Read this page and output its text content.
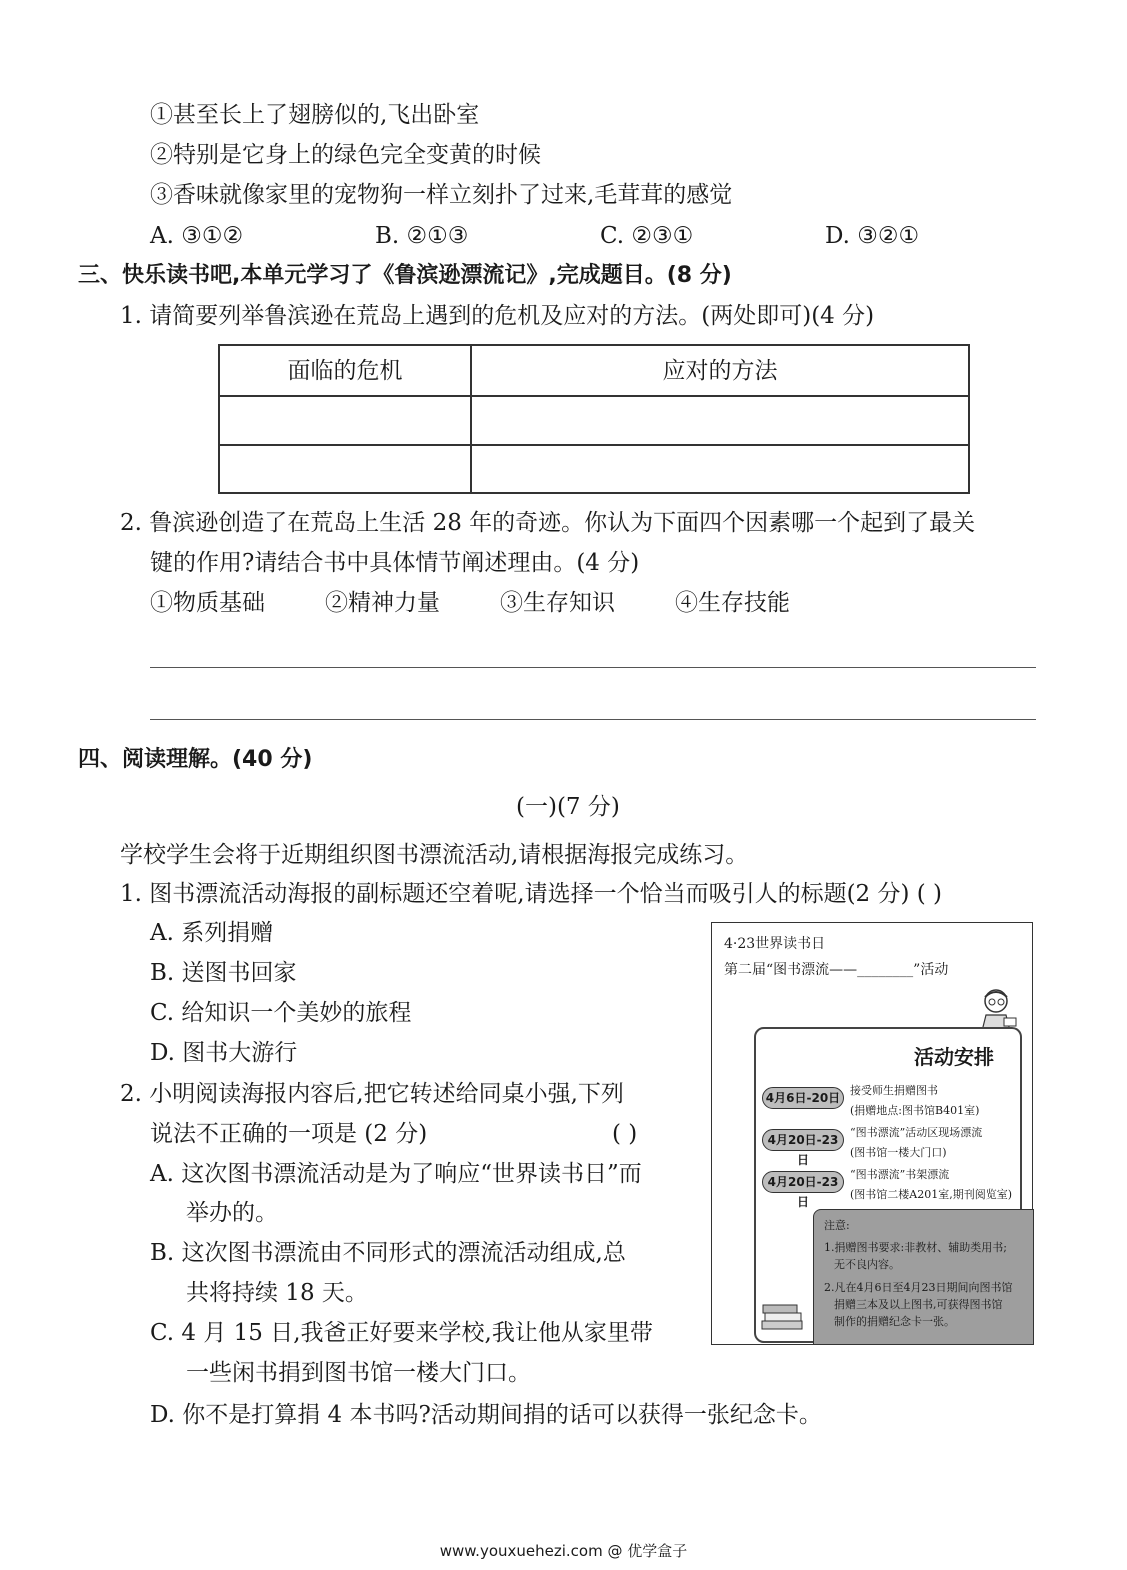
①甚至长上了翅膀似的,飞出卧室
②特别是它身上的绿色完全变黄的时候
③香味就像家里的宠物狗一样立刻扑了过来,毛茸茸的感觉
A. ③①②	B. ②①③	C. ②③①	D. ③②①
三、快乐读书吧,本单元学习了《鲁滨逊漂流记》,完成题目。(8 分)
1. 请简要列举鲁滨逊在荒岛上遇到的危机及应对的方法。(两处即可)(4 分)
面临的危机	应对的方法
2. 鲁滨逊创造了在荒岛上生活 28 年的奇迹。你认为下面四个因素哪一个起到了最关
键的作用?请结合书中具体情节阐述理由。(4 分)
①物质基础	②精神力量	③生存知识	④生存技能
四、阅读理解。(40 分)
(一)(7 分)
学校学生会将于近期组织图书漂流活动,请根据海报完成练习。
1. 图书漂流活动海报的副标题还空着呢,请选择一个恰当而吸引人的标题(2 分) ( )
A. 系列捐赠
B. 送图书回家
C. 给知识一个美妙的旅程
D. 图书大游行
2. 小明阅读海报内容后,把它转述给同桌小强,下列
说法不正确的一项是 (2 分)	( )
A. 这次图书漂流活动是为了响应“世界读书日”而
举办的。
B. 这次图书漂流由不同形式的漂流活动组成,总
共将持续 18 天。
C. 4 月 15 日,我爸正好要来学校,我让他从家里带
一些闲书捐到图书馆一楼大门口。
D. 你不是打算捐 4 本书吗?活动期间捐的话可以获得一张纪念卡。
4·23世界读书日
第二届“图书漂流——________”活动
活动安排
4月6日-20日
接受师生捐赠图书
(捐赠地点:图书馆B401室)
4月20日-23日
“图书漂流”活动区现场漂流
(图书馆一楼大门口)
4月20日-23日
“图书漂流”书架漂流
(图书馆二楼A201室,期刊阅览室)
注意:
1.捐赠图书要求:非教材、辅助类用书;
无不良内容。
2.凡在4月6日至4月23日期间向图书馆
捐赠三本及以上图书,可获得图书馆
制作的捐赠纪念卡一张。
www.youxuehezi.com @ 优学盒子
